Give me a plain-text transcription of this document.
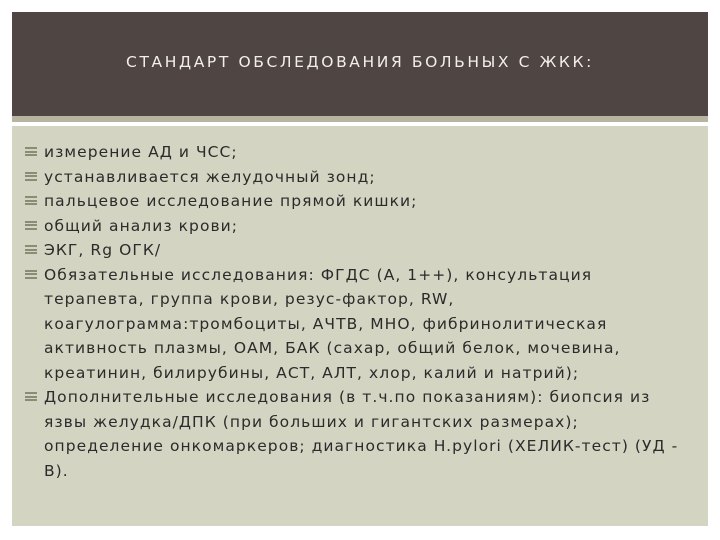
СТАНДАРТ ОБСЛЕДОВАНИЯ БОЛЬНЫХ С ЖКК:
измерение АД и ЧСС;
устанавливается желудочный зонд;
пальцевое исследование прямой кишки;
общий анализ крови;
ЭКГ, Rg ОГК/
Обязательные исследования: ФГДС (А, 1++), консультация терапевта, группа крови, резус-фактор, RW, коагулограмма:тромбоциты, АЧТВ, МНО, фибринолитическая активность плазмы, ОАМ, БАК (сахар, общий белок, мочевина, креатинин, билирубины, АСТ, АЛТ, хлор, калий и натрий);
Дополнительные исследования (в т.ч.по показаниям): биопсия из язвы желудка/ДПК (при больших и гигантских размерах); определение онкомаркеров; диагностика H.pylori (ХЕЛИК-тест) (УД - В).
